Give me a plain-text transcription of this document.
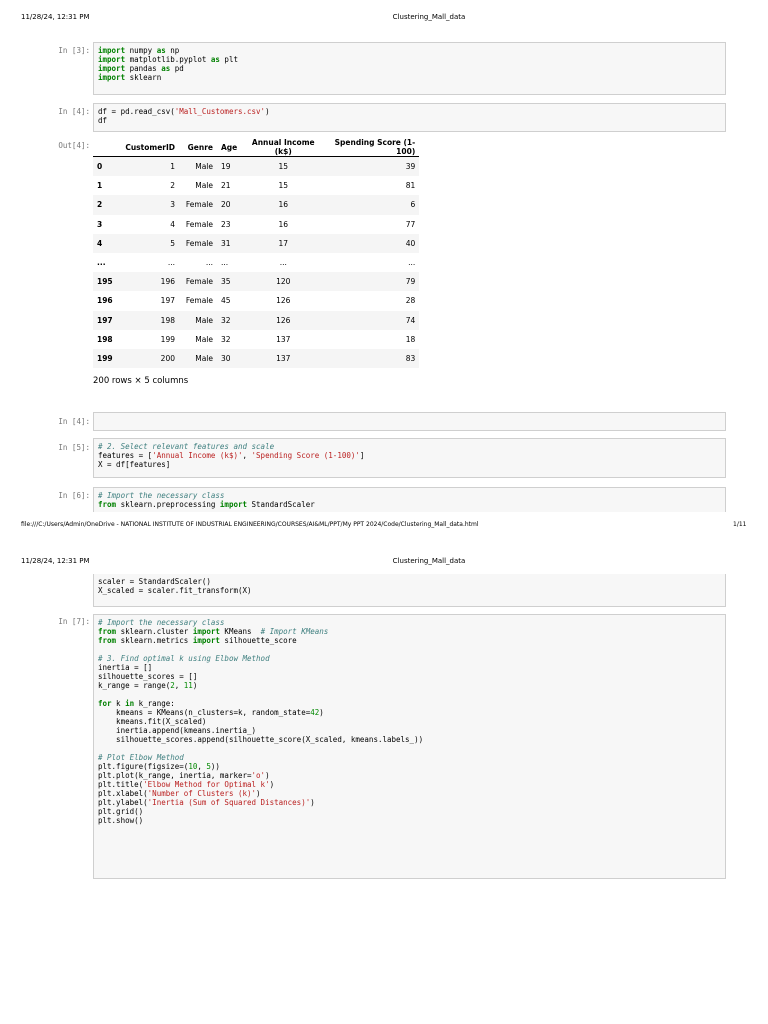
11/28/24, 12:31 PM	Clustering_Mall_data
In [3]: import numpy as np
import matplotlib.pyplot as plt
import pandas as pd
import sklearn
In [4]: df = pd.read_csv('Mall_Customers.csv')
df
Out[4]:
		CustomerID	Genre	Age	Annual Income (k$)	Spending Score (1-100)
0	1	Male	19	15	39
1	2	Male	21	15	81
2	3	Female	20	16	6
3	4	Female	23	16	77
4	5	Female	31	17	40
...	...	...	...	...	...
195	196	Female	35	120	79
196	197	Female	45	126	28
197	198	Male	32	126	74
198	199	Male	32	137	18
199	200	Male	30	137	83
200 rows × 5 columns
In [4]:
In [5]: # 2. Select relevant features and scale
features = ['Annual Income (k$)', 'Spending Score (1-100)']
X = df[features]
In [6]: # Import the necessary class
from sklearn.preprocessing import StandardScaler
file:///C:/Users/Admin/OneDrive - NATIONAL INSTITUTE OF INDUSTRIAL ENGINEERING/COURSES/AI&ML/PPT/My PPT 2024/Code/Clustering_Mall_data.html	1/11
11/28/24, 12:31 PM	Clustering_Mall_data
scaler = StandardScaler()
X_scaled = scaler.fit_transform(X)
In [7]: # Import the necessary class
from sklearn.cluster import KMeans  # Import KMeans
from sklearn.metrics import silhouette_score
# 3. Find optimal k using Elbow Method
inertia = []
silhouette_scores = []
k_range = range(2, 11)
for k in k_range:
kmeans = KMeans(n_clusters=k, random_state=42)
kmeans.fit(X_scaled)
inertia.append(kmeans.inertia_)
silhouette_scores.append(silhouette_score(X_scaled, kmeans.labels_))
# Plot Elbow Method
plt.figure(figsize=(10, 5))
plt.plot(k_range, inertia, marker='o')
plt.title('Elbow Method for Optimal k')
plt.xlabel('Number of Clusters (k)')
plt.ylabel('Inertia (Sum of Squared Distances)')
plt.grid()
plt.show()
